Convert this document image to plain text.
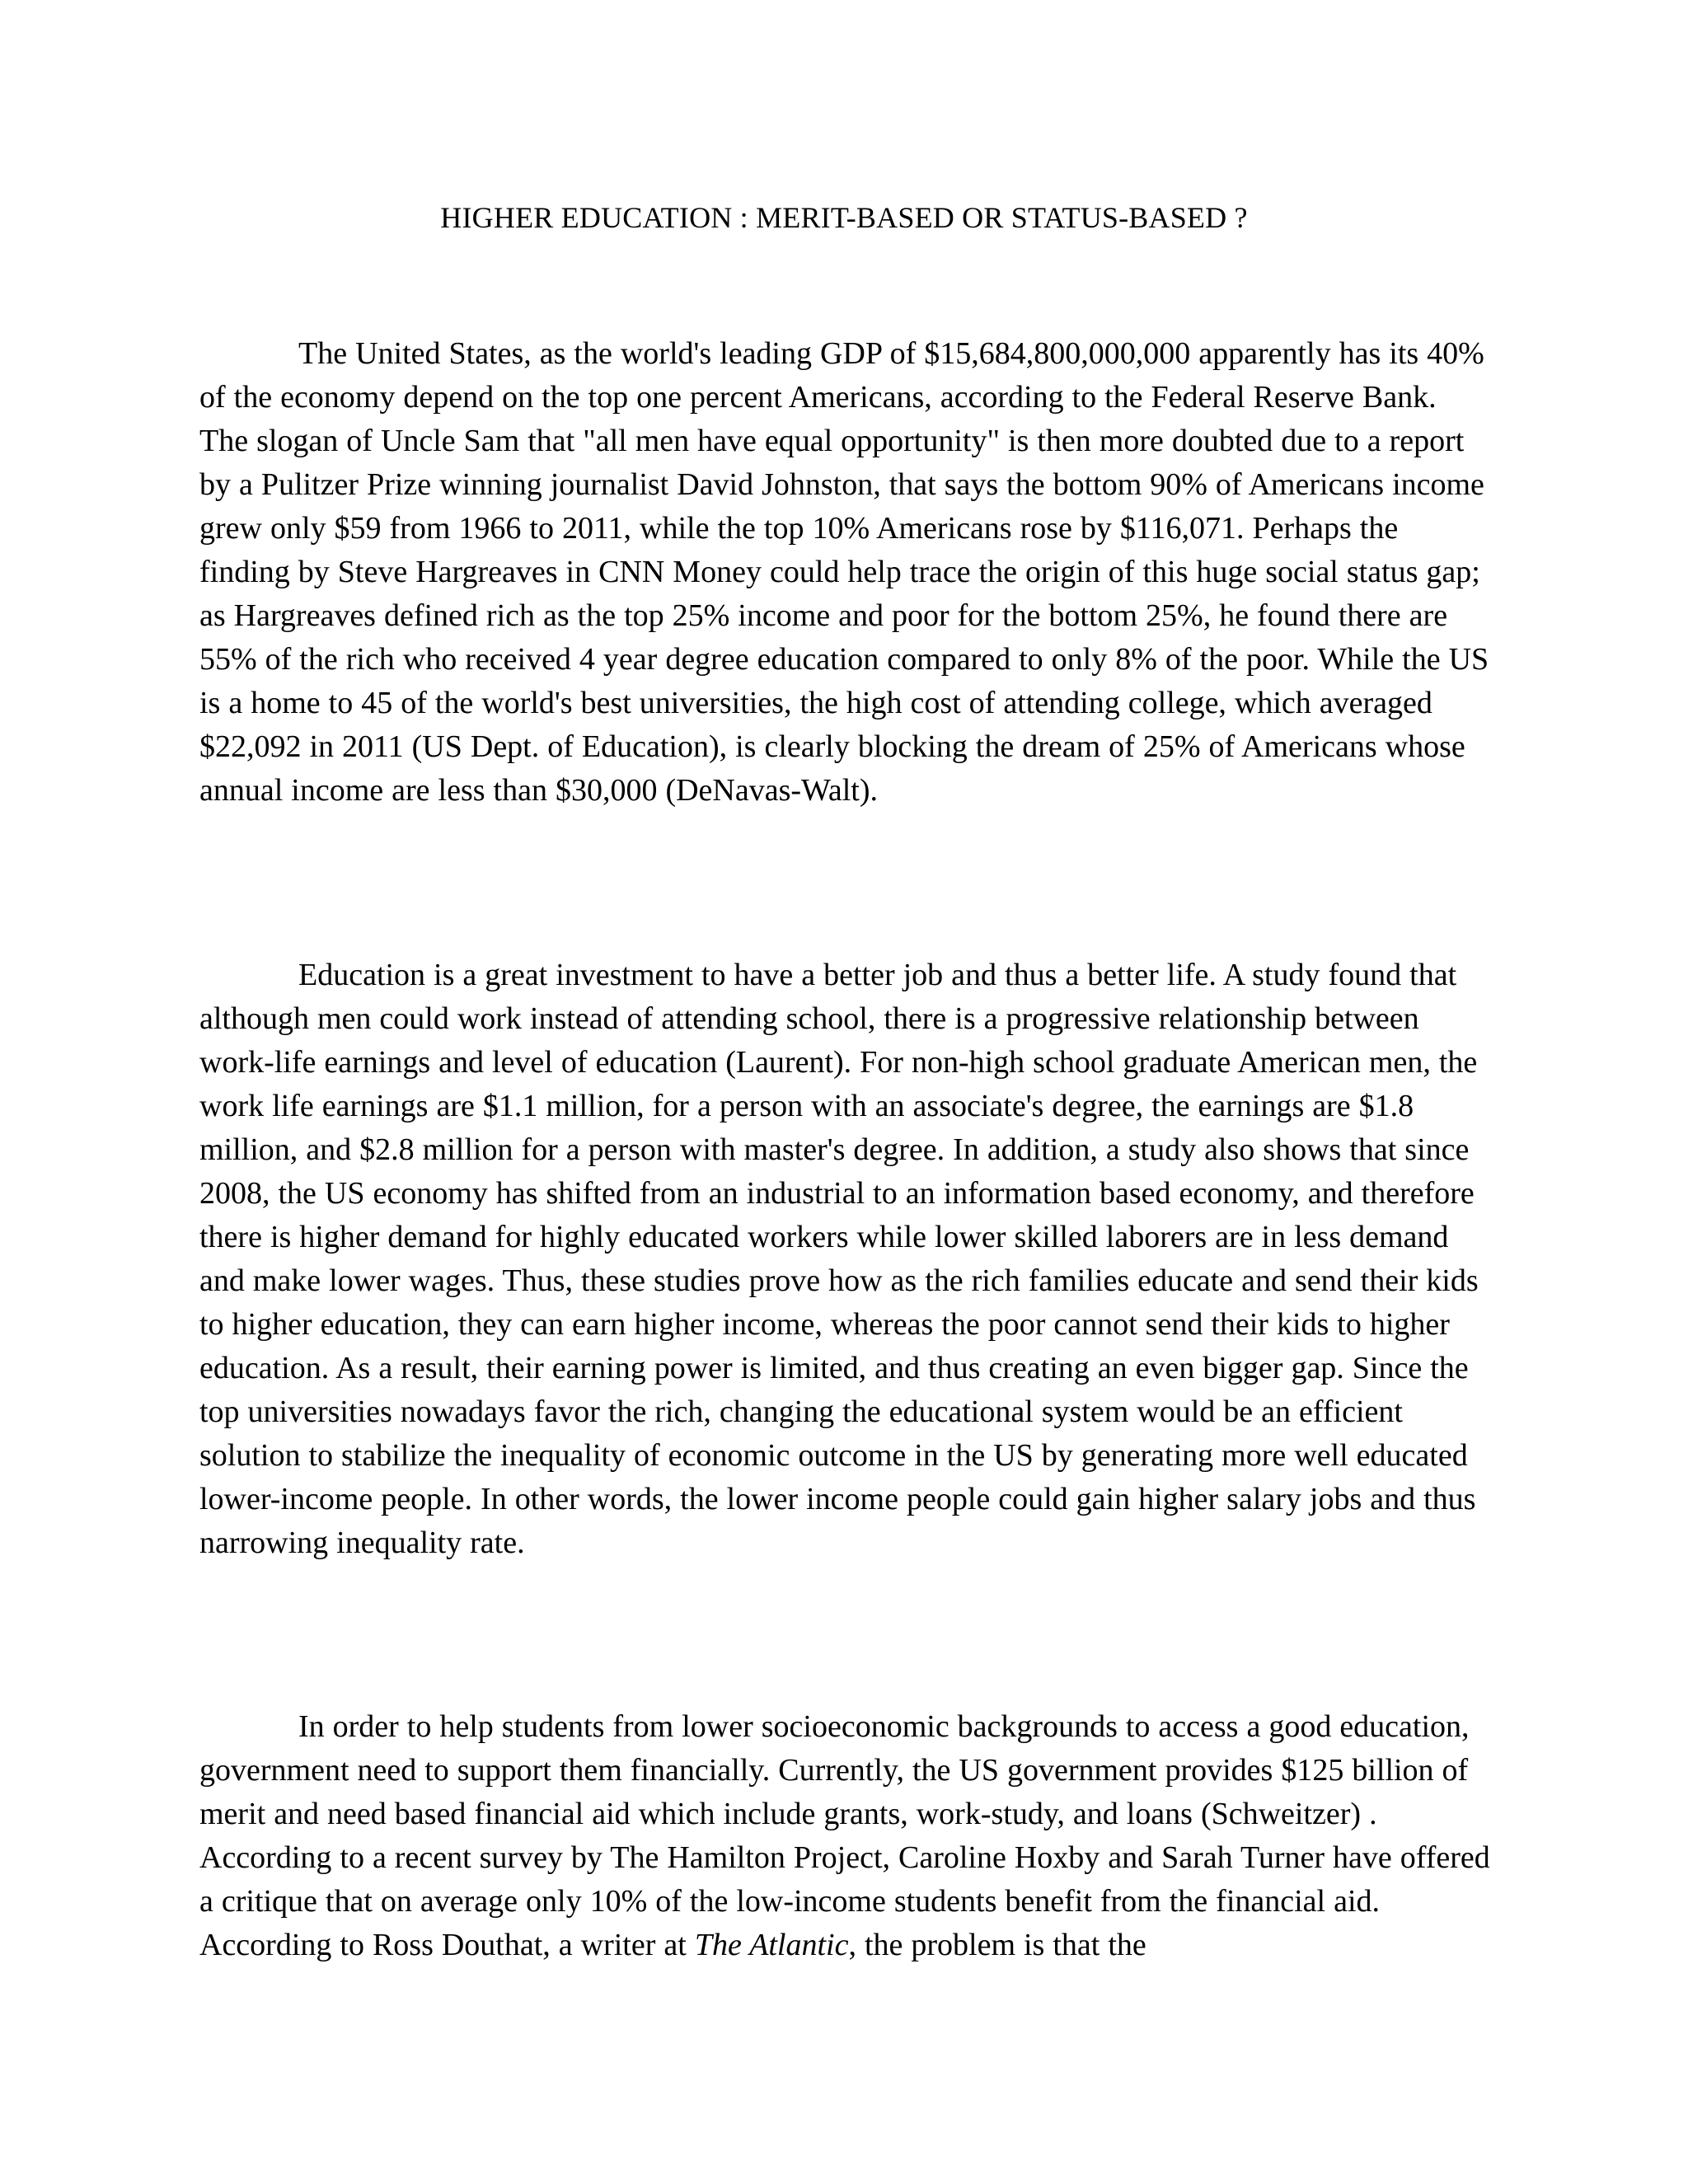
HIGHER EDUCATION : MERIT-BASED OR STATUS-BASED ?

The United States, as the world's leading GDP of $15,684,800,000,000 apparently has its 40% of the economy depend on the top one percent Americans, according to the Federal Reserve Bank. The slogan of Uncle Sam that "all men have equal opportunity" is then more doubted due to a report by a Pulitzer Prize winning journalist David Johnston, that says the bottom 90% of Americans income grew only $59 from 1966 to 2011, while the top 10% Americans rose by $116,071. Perhaps the finding by Steve Hargreaves in CNN Money could help trace the origin of this huge social status gap; as Hargreaves defined rich as the top 25% income and poor for the bottom 25%, he found there are 55% of the rich who received 4 year degree education compared to only 8% of the poor. While the US is a home to 45 of the world's best universities, the high cost of attending college, which averaged $22,092 in 2011 (US Dept. of Education), is clearly blocking the dream of 25% of Americans whose annual income are less than $30,000 (DeNavas-Walt).

Education is a great investment to have a better job and thus a better life. A study found that although men could work instead of attending school, there is a progressive relationship between work-life earnings and level of education (Laurent). For non-high school graduate American men, the work life earnings are $1.1 million, for a person with an associate's degree, the earnings are $1.8 million, and $2.8 million for a person with master's degree. In addition, a study also shows that since 2008, the US economy has shifted from an industrial to an information based economy, and therefore there is higher demand for highly educated workers while lower skilled laborers are in less demand and make lower wages. Thus, these studies prove how as the rich families educate and send their kids to higher education, they can earn higher income, whereas the poor cannot send their kids to higher education. As a result, their earning power is limited, and thus creating an even bigger gap. Since the top universities nowadays favor the rich, changing the educational system would be an efficient solution to stabilize the inequality of economic outcome in the US by generating more well educated lower-income people. In other words, the lower income people could gain higher salary jobs and thus narrowing inequality rate.

In order to help students from lower socioeconomic backgrounds to access a good education, government need to support them financially. Currently, the US government provides $125 billion of merit and need based financial aid which include grants, work-study, and loans (Schweitzer) . According to a recent survey by The Hamilton Project, Caroline Hoxby and Sarah Turner have offered a critique that on average only 10% of the low-income students benefit from the financial aid. According to Ross Douthat, a writer at The Atlantic, the problem is that the
